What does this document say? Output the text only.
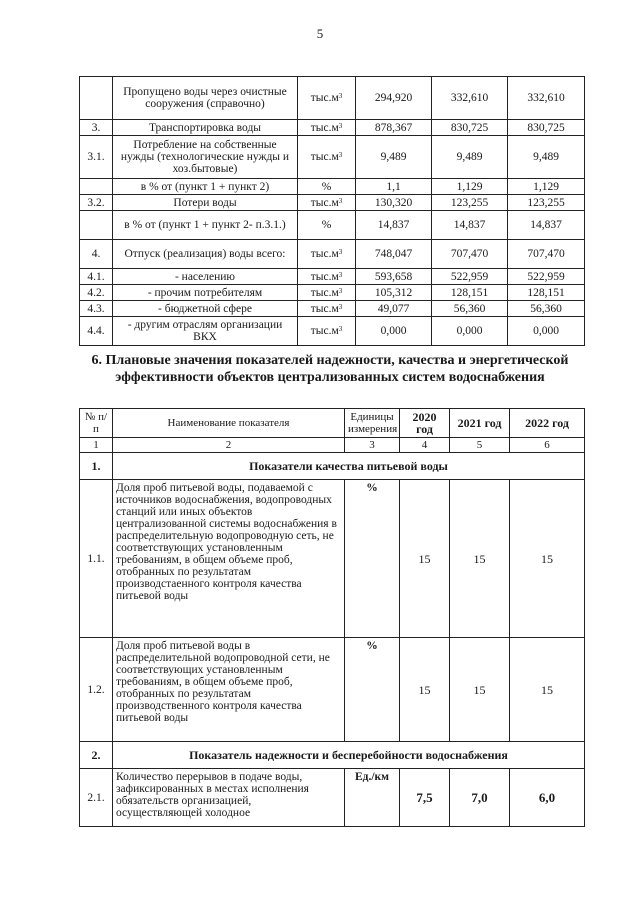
5
	Пропущено воды через очистные сооружения (справочно)	$тыс.м^3$	294,920	332,610	332,610
3.	Транспортировка воды	$тыс.м^3$	878,367	830,725	830,725
3.1.	Потребление на собственные нужды (технологические нужды и хоз.бытовые)	$тыс.м^3$	9,489	9,489	9,489
	в % от (пункт 1 + пункт 2)	%	1,1	1,129	1,129
3.2.	Потери воды	$тыс.м^3$	130,320	123,255	123,255
	в % от (пункт 1 + пункт 2- п.3.1.)	%	14,837	14,837	14,837
4.	Отпуск (реализация) воды всего:	$тыс.м^3$	748,047	707,470	707,470
4.1.	- населению	$тыс.м^3$	593,658	522,959	522,959
4.2.	- прочим потребителям	$тыс.м^3$	105,312	128,151	128,151
4.3.	- бюджетной сфере	$тыс.м^3$	49,077	56,360	56,360
4.4.	- другим отраслям организации ВКХ	$тыс.м^3$	0,000	0,000	0,000
6. Плановые значения показателей надежности, качества и энергетической эффективности объектов централизованных систем водоснабжения
№ п/п	Наименование показателя	Единицы измерения	2020 год	2021 год	2022 год
1	2	3	4	5	6
1.	Показатели качества питьевой воды				
1.1.	Доля проб питьевой воды, подаваемой с источников водоснабжения, водопроводных станций или иных объектов централизованной системы водоснабжения в распределительную водопроводную сеть, не соответствующих установленным требованиям, в общем объеме проб, отобранных по результатам производстаенного контроля качества питьевой воды	%	15	15	15
1.2.	Доля проб питьевой воды в распределительной водопроводной сети, не соответствующих установленным требованиям, в общем объеме проб, отобранных по результатам производственного контроля качества питьевой воды	%	15	15	15
2.	Показатель надежности и бесперебойности водоснабжения				
2.1.	Количество перерывов в подаче воды,
зафиксированных в местах исполнения
обязательств организацией,
осуществляющей холодное	Ед./км	7,5	7,0	6,0
